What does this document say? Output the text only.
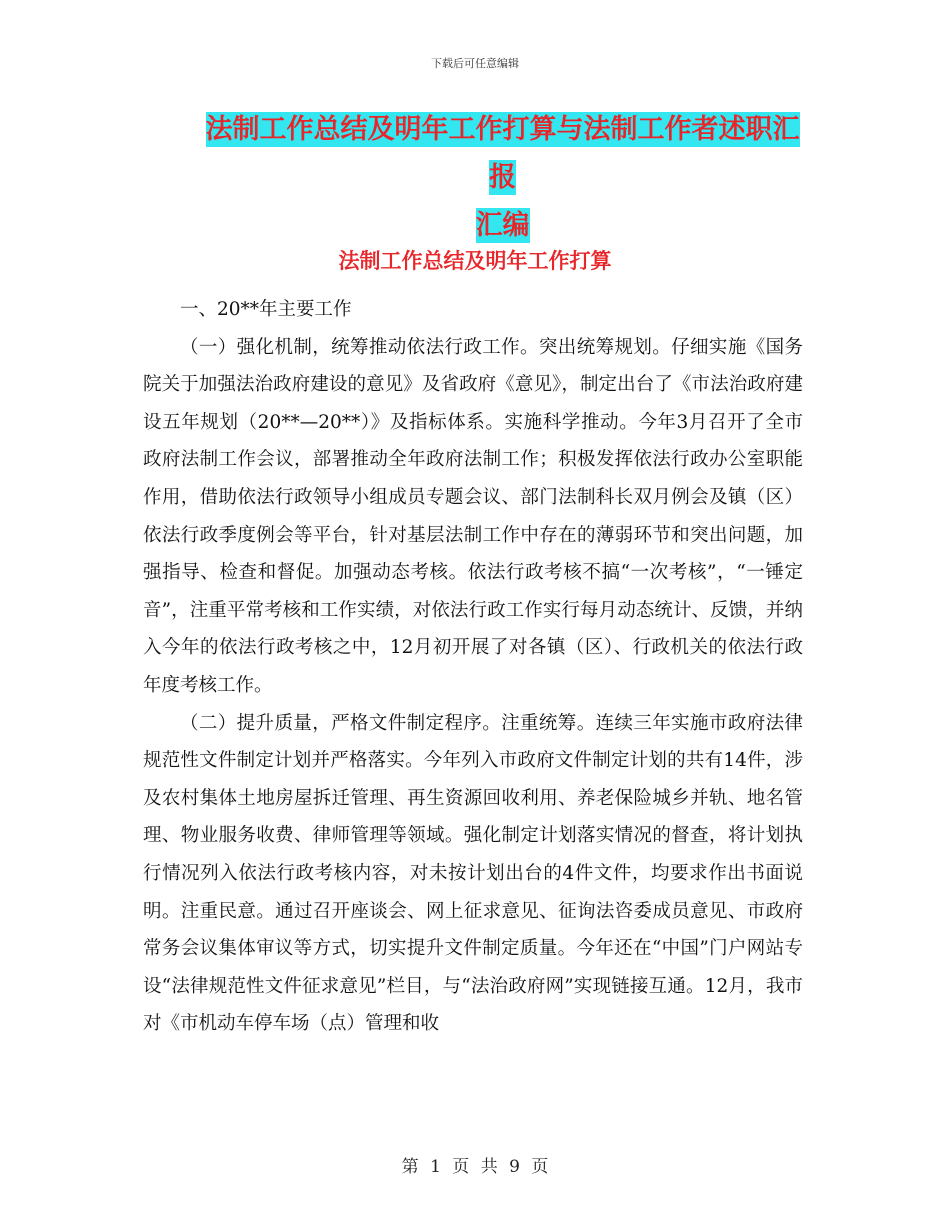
下载后可任意编辑
法制工作总结及明年工作打算与法制工作者述职汇报
汇编
法制工作总结及明年工作打算

一、20**年主要工作

（一）强化机制，统筹推动依法行政工作。突出统筹规划。仔细实施《国务院关于加强法治政府建设的意见》及省政府《意见》，制定出台了《市法治政府建设五年规划（20**—20**）》及指标体系。实施科学推动。今年3月召开了全市政府法制工作会议，部署推动全年政府法制工作；积极发挥依法行政办公室职能作用，借助依法行政领导小组成员专题会议、部门法制科长双月例会及镇（区）依法行政季度例会等平台，针对基层法制工作中存在的薄弱环节和突出问题，加强指导、检查和督促。加强动态考核。依法行政考核不搞“一次考核”，“一锤定音”，注重平常考核和工作实绩，对依法行政工作实行每月动态统计、反馈，并纳入今年的依法行政考核之中，12月初开展了对各镇（区）、行政机关的依法行政年度考核工作。

（二）提升质量，严格文件制定程序。注重统筹。连续三年实施市政府法律规范性文件制定计划并严格落实。今年列入市政府文件制定计划的共有14件，涉及农村集体土地房屋拆迁管理、再生资源回收利用、养老保险城乡并轨、地名管理、物业服务收费、律师管理等领域。强化制定计划落实情况的督查，将计划执行情况列入依法行政考核内容，对未按计划出台的4件文件，均要求作出书面说明。注重民意。通过召开座谈会、网上征求意见、征询法咨委成员意见、市政府常务会议集体审议等方式，切实提升文件制定质量。今年还在“中国”门户网站专设“法律规范性文件征求意见”栏目，与“法治政府网”实现链接互通。12月，我市对《市机动车停车场（点）管理和收

第 1 页 共 9 页
